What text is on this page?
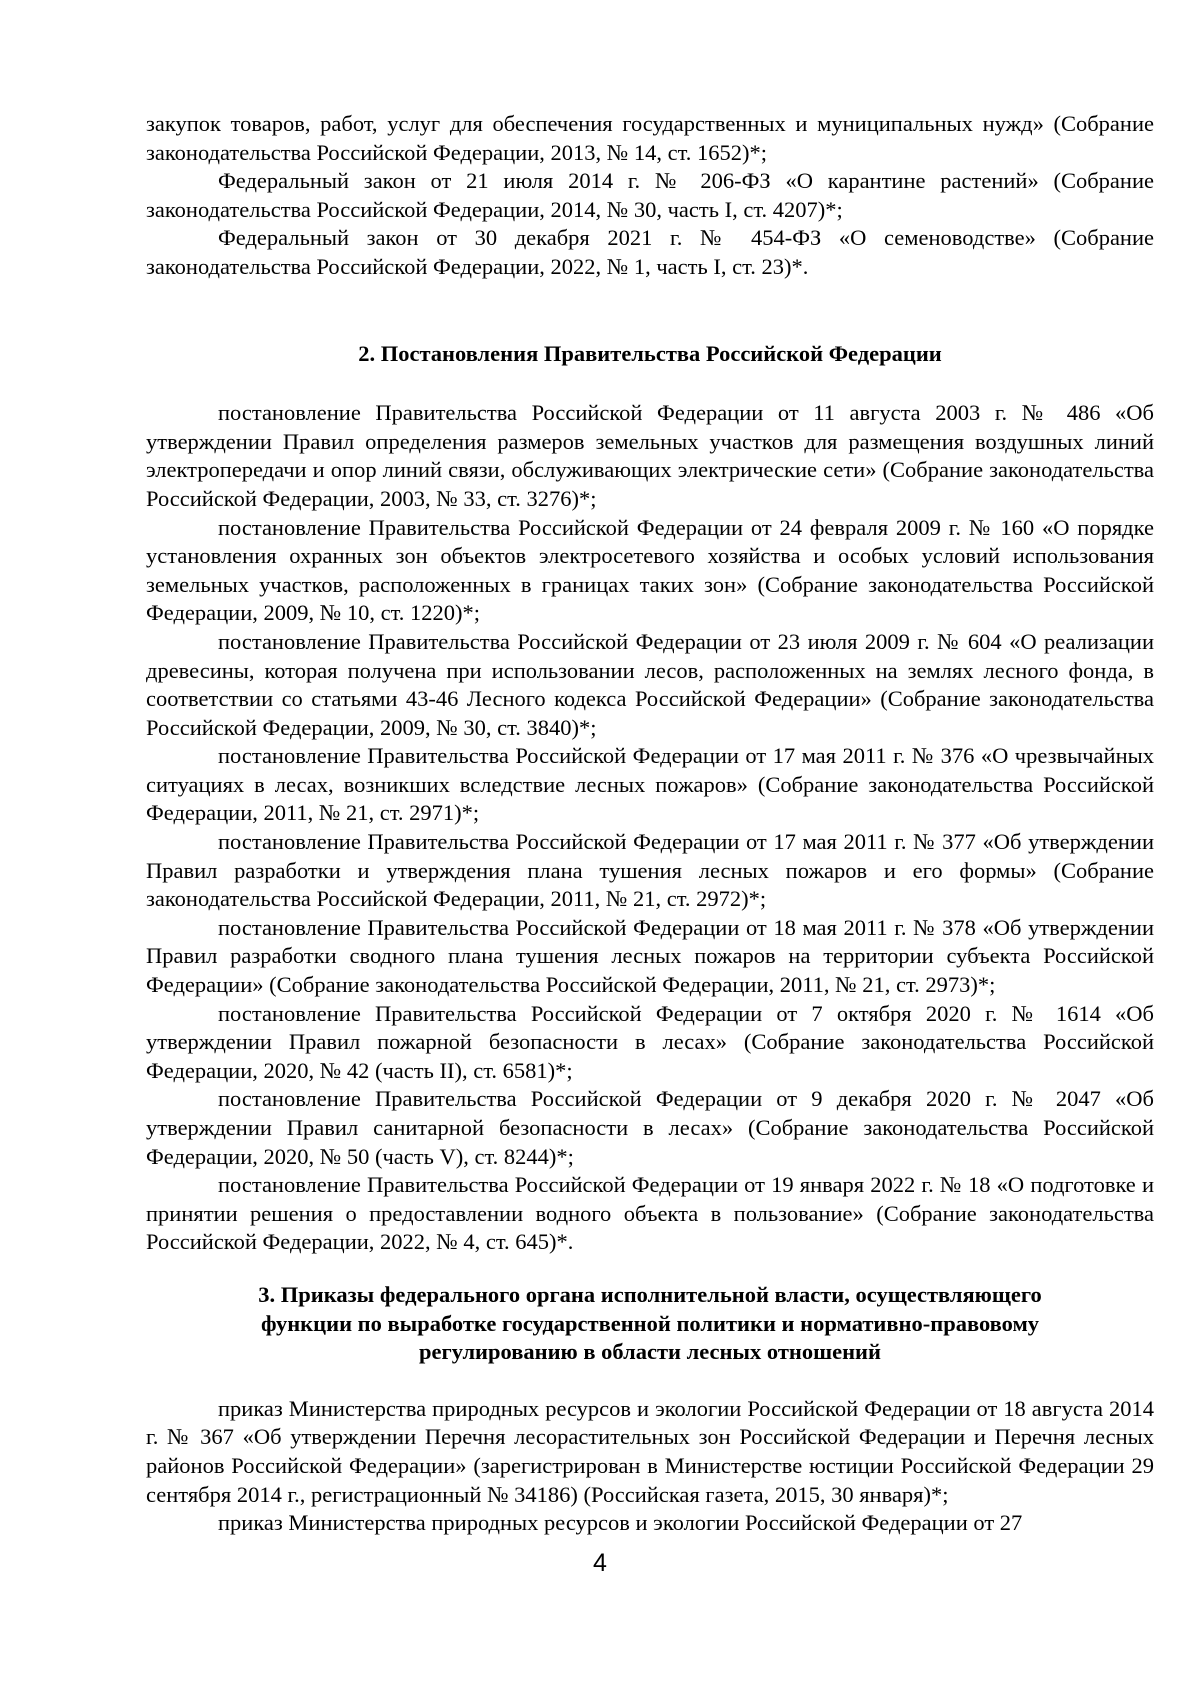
закупок товаров, работ, услуг для обеспечения государственных и муниципальных нужд» (Собрание законодательства Российской Федерации, 2013, № 14, ст. 1652)*;

Федеральный закон от 21 июля 2014 г. № 206-ФЗ «О карантине растений» (Собрание законодательства Российской Федерации, 2014, № 30, часть I, ст. 4207)*;

Федеральный закон от 30 декабря 2021 г. № 454-ФЗ «О семеноводстве» (Собрание законодательства Российской Федерации, 2022, № 1, часть I, ст. 23)*.

2. Постановления Правительства Российской Федерации

постановление Правительства Российской Федерации от 11 августа 2003 г. № 486 «Об утверждении Правил определения размеров земельных участков для размещения воздушных линий электропередачи и опор линий связи, обслуживающих электрические сети» (Собрание законодательства Российской Федерации, 2003, № 33, ст. 3276)*;

постановление Правительства Российской Федерации от 24 февраля 2009 г. № 160 «О порядке установления охранных зон объектов электросетевого хозяйства и особых условий использования земельных участков, расположенных в границах таких зон» (Собрание законодательства Российской Федерации, 2009, № 10, ст. 1220)*;

постановление Правительства Российской Федерации от 23 июля 2009 г. № 604 «О реализации древесины, которая получена при использовании лесов, расположенных на землях лесного фонда, в соответствии со статьями 43-46 Лесного кодекса Российской Федерации» (Собрание законодательства Российской Федерации, 2009, № 30, ст. 3840)*;

постановление Правительства Российской Федерации от 17 мая 2011 г. № 376 «О чрезвычайных ситуациях в лесах, возникших вследствие лесных пожаров» (Собрание законодательства Российской Федерации, 2011, № 21, ст. 2971)*;

постановление Правительства Российской Федерации от 17 мая 2011 г. № 377 «Об утверждении Правил разработки и утверждения плана тушения лесных пожаров и его формы» (Собрание законодательства Российской Федерации, 2011, № 21, ст. 2972)*;

постановление Правительства Российской Федерации от 18 мая 2011 г. № 378 «Об утверждении Правил разработки сводного плана тушения лесных пожаров на территории субъекта Российской Федерации» (Собрание законодательства Российской Федерации, 2011, № 21, ст. 2973)*;

постановление Правительства Российской Федерации от 7 октября 2020 г. № 1614 «Об утверждении Правил пожарной безопасности в лесах» (Собрание законодательства Российской Федерации, 2020, № 42 (часть II), ст. 6581)*;

постановление Правительства Российской Федерации от 9 декабря 2020 г. № 2047 «Об утверждении Правил санитарной безопасности в лесах» (Собрание законодательства Российской Федерации, 2020, № 50 (часть V), ст. 8244)*;

постановление Правительства Российской Федерации от 19 января 2022 г. № 18 «О подготовке и принятии решения о предоставлении водного объекта в пользование» (Собрание законодательства Российской Федерации, 2022, № 4, ст. 645)*.

3. Приказы федерального органа исполнительной власти, осуществляющего функции по выработке государственной политики и нормативно-правовому регулированию в области лесных отношений

приказ Министерства природных ресурсов и экологии Российской Федерации от 18 августа 2014 г. № 367 «Об утверждении Перечня лесорастительных зон Российской Федерации и Перечня лесных районов Российской Федерации» (зарегистрирован в Министерстве юстиции Российской Федерации 29 сентября 2014 г., регистрационный № 34186) (Российская газета, 2015, 30 января)*;

приказ Министерства природных ресурсов и экологии Российской Федерации от 27

4
